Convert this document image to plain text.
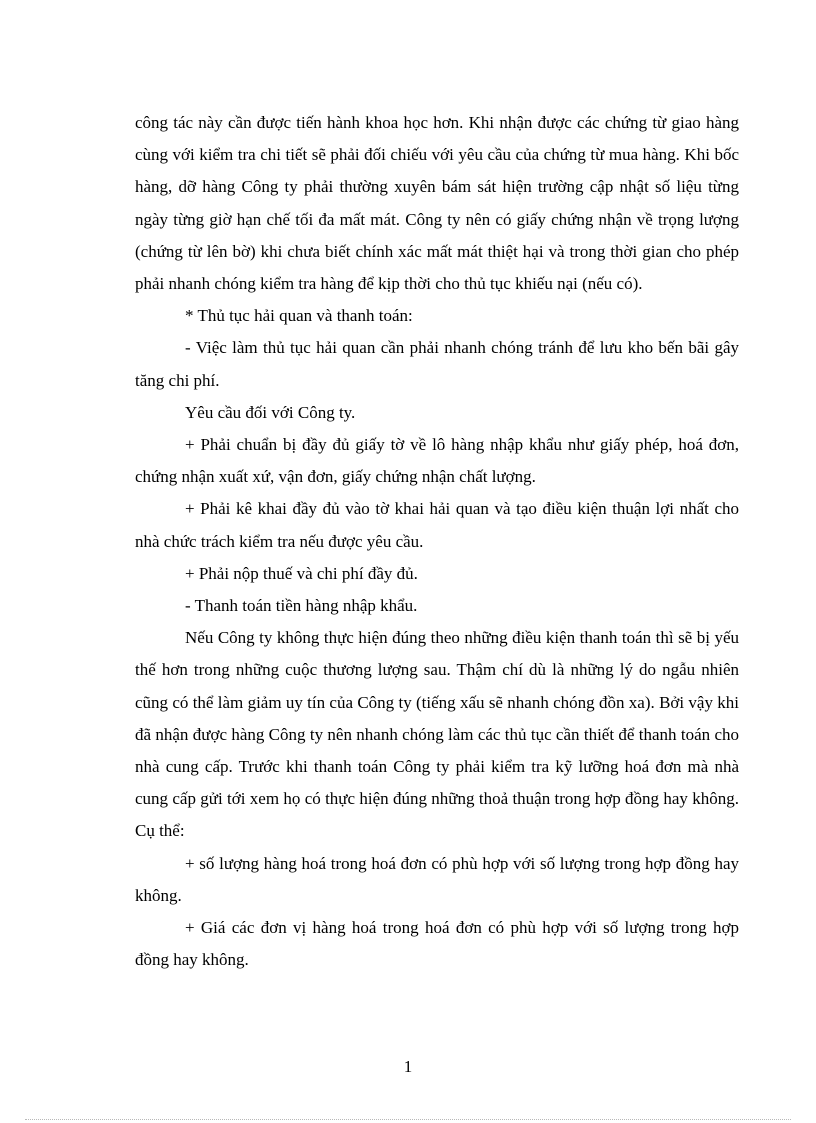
công tác này cần được tiến hành khoa học hơn. Khi nhận được các chứng từ giao hàng cùng với kiểm tra chi tiết sẽ phải đối chiếu với yêu cầu của chứng từ mua hàng. Khi bốc hàng, dỡ hàng Công ty phải thường xuyên bám sát hiện trường cập nhật số liệu từng ngày từng giờ hạn chế tối đa mất mát. Công ty nên có giấy chứng nhận về trọng lượng (chứng từ lên bờ) khi chưa biết chính xác mất mát thiệt hại và trong thời gian cho phép phải nhanh chóng kiểm tra hàng để kịp thời cho thủ tục khiếu nại (nếu có).

* Thủ tục hải quan và thanh toán:

- Việc làm thủ tục hải quan cần phải nhanh chóng tránh để lưu kho bến bãi gây tăng chi phí.

Yêu cầu đối với Công ty.

+ Phải chuẩn bị đầy đủ giấy tờ về lô hàng nhập khẩu như giấy phép, hoá đơn, chứng nhận xuất xứ, vận đơn, giấy chứng nhận chất lượng.

+ Phải kê khai đầy đủ vào tờ khai hải quan và tạo điều kiện thuận lợi nhất cho nhà chức trách kiểm tra nếu được yêu cầu.

+ Phải nộp thuế và chi phí đầy đủ.

- Thanh toán tiền hàng nhập khẩu.

Nếu Công ty không thực hiện đúng theo những điều kiện thanh toán thì sẽ bị yếu thế hơn trong những cuộc thương lượng sau. Thậm chí dù là những lý do ngẫu nhiên cũng có thể làm giảm uy tín của Công ty (tiếng xấu sẽ nhanh chóng đồn xa). Bởi vậy khi đã nhận được hàng Công ty nên nhanh chóng làm các thủ tục cần thiết để thanh toán cho nhà cung cấp. Trước khi thanh toán Công ty phải kiểm tra kỹ lưỡng hoá đơn mà nhà cung cấp gửi tới xem họ có thực hiện đúng những thoả thuận trong hợp đồng hay không. Cụ thể:

+ số lượng hàng hoá trong hoá đơn có phù hợp với số lượng trong hợp đồng hay không.

+ Giá các đơn vị hàng hoá trong hoá đơn có phù hợp với số lượng trong hợp đồng hay không.

1
